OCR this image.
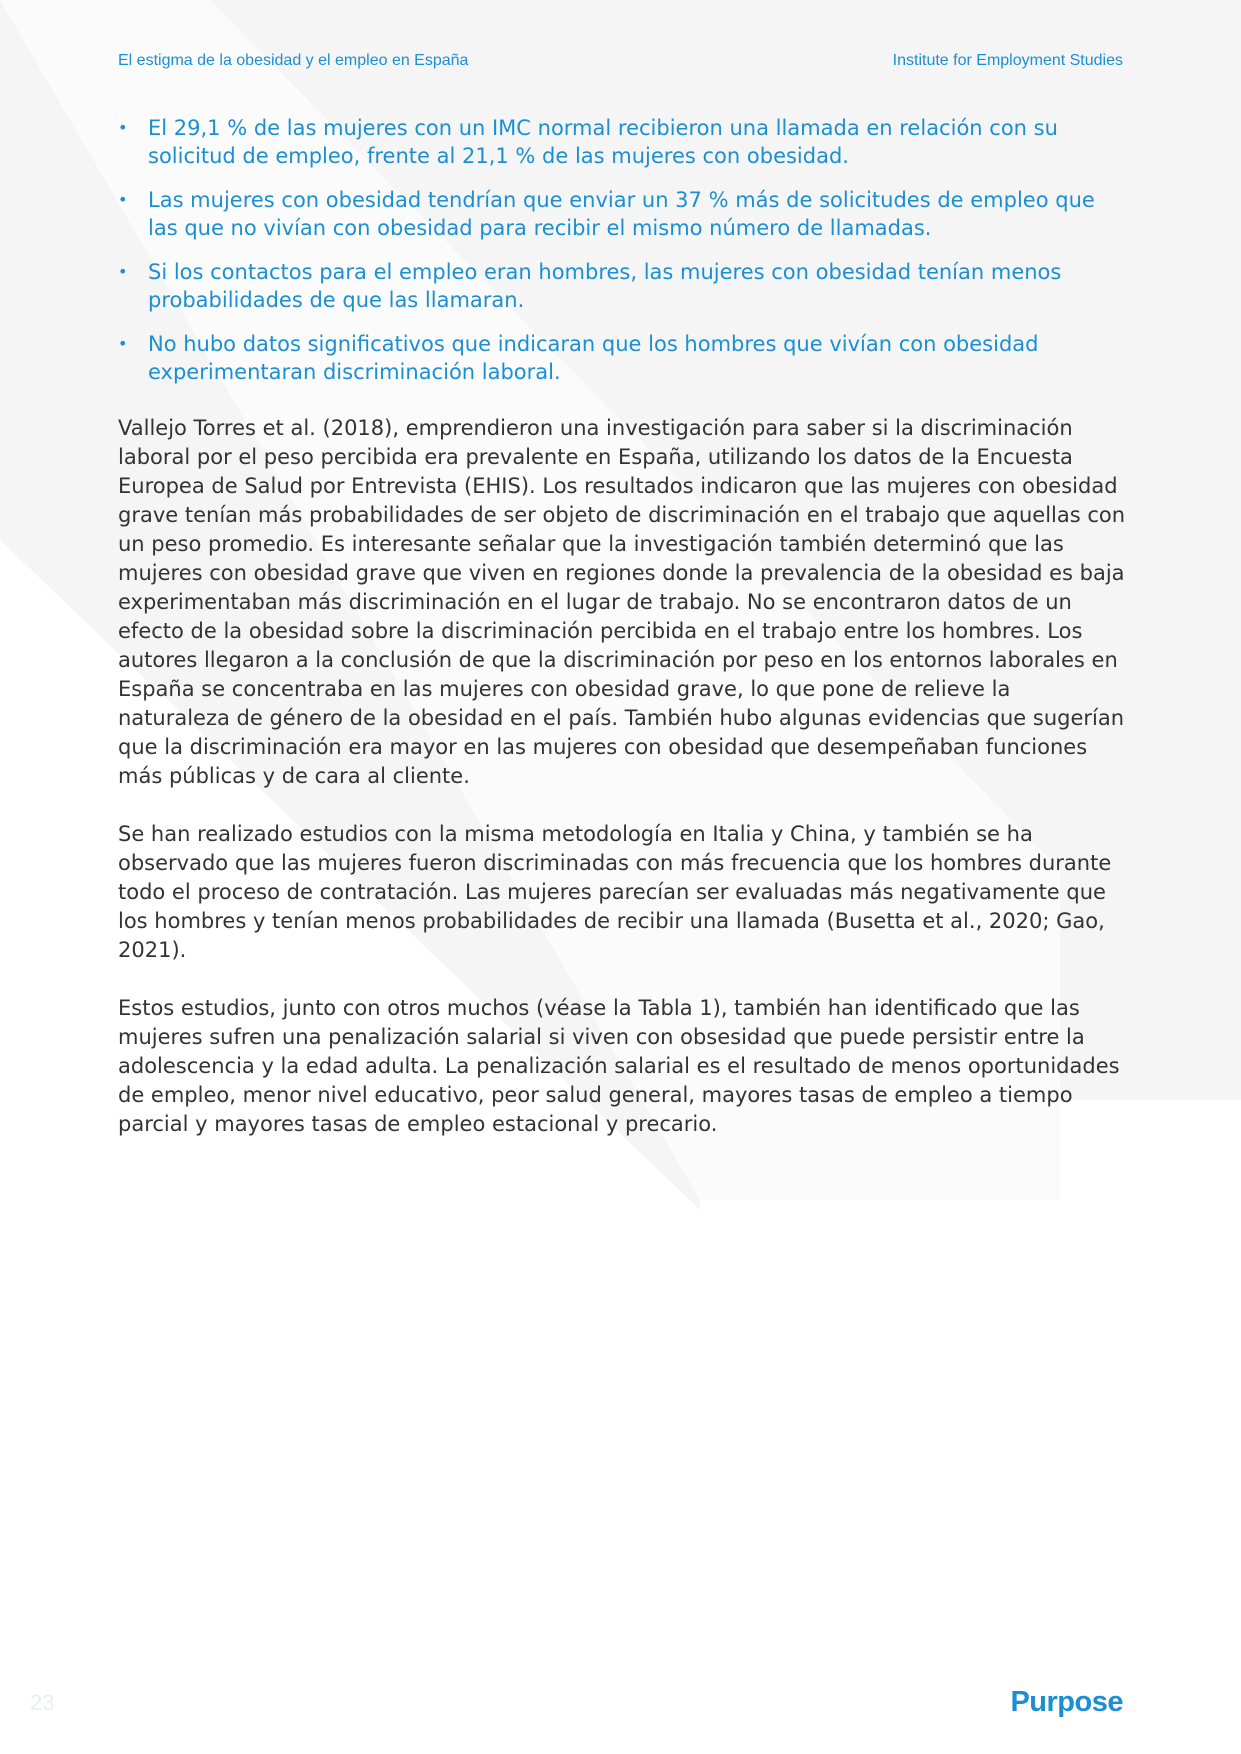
El estigma de la obesidad y el empleo en España	Institute for Employment Studies
• El 29,1 % de las mujeres con un IMC normal recibieron una llamada en relación con su solicitud de empleo, frente al 21,1 % de las mujeres con obesidad.
• Las mujeres con obesidad tendrían que enviar un 37 % más de solicitudes de empleo que las que no vivían con obesidad para recibir el mismo número de llamadas.
• Si los contactos para el empleo eran hombres, las mujeres con obesidad tenían menos probabilidades de que las llamaran.
• No hubo datos significativos que indicaran que los hombres que vivían con obesidad experimentaran discriminación laboral.

Vallejo Torres et al. (2018), emprendieron una investigación para saber si la discriminación laboral por el peso percibida era prevalente en España, utilizando los datos de la Encuesta Europea de Salud por Entrevista (EHIS). Los resultados indicaron que las mujeres con obesidad grave tenían más probabilidades de ser objeto de discriminación en el trabajo que aquellas con un peso promedio. Es interesante señalar que la investigación también determinó que las mujeres con obesidad grave que viven en regiones donde la prevalencia de la obesidad es baja experimentaban más discriminación en el lugar de trabajo. No se encontraron datos de un efecto de la obesidad sobre la discriminación percibida en el trabajo entre los hombres. Los autores llegaron a la conclusión de que la discriminación por peso en los entornos laborales en España se concentraba en las mujeres con obesidad grave, lo que pone de relieve la naturaleza de género de la obesidad en el país. También hubo algunas evidencias que sugerían que la discriminación era mayor en las mujeres con obesidad que desempeñaban funciones más públicas y de cara al cliente.

Se han realizado estudios con la misma metodología en Italia y China, y también se ha observado que las mujeres fueron discriminadas con más frecuencia que los hombres durante todo el proceso de contratación. Las mujeres parecían ser evaluadas más negativamente que los hombres y tenían menos probabilidades de recibir una llamada (Busetta et al., 2020; Gao, 2021).

Estos estudios, junto con otros muchos (véase la Tabla 1), también han identificado que las mujeres sufren una penalización salarial si viven con obsesidad que puede persistir entre la adolescencia y la edad adulta. La penalización salarial es el resultado de menos oportunidades de empleo, menor nivel educativo, peor salud general, mayores tasas de empleo a tiempo parcial y mayores tasas de empleo estacional y precario.

23	Purpose
